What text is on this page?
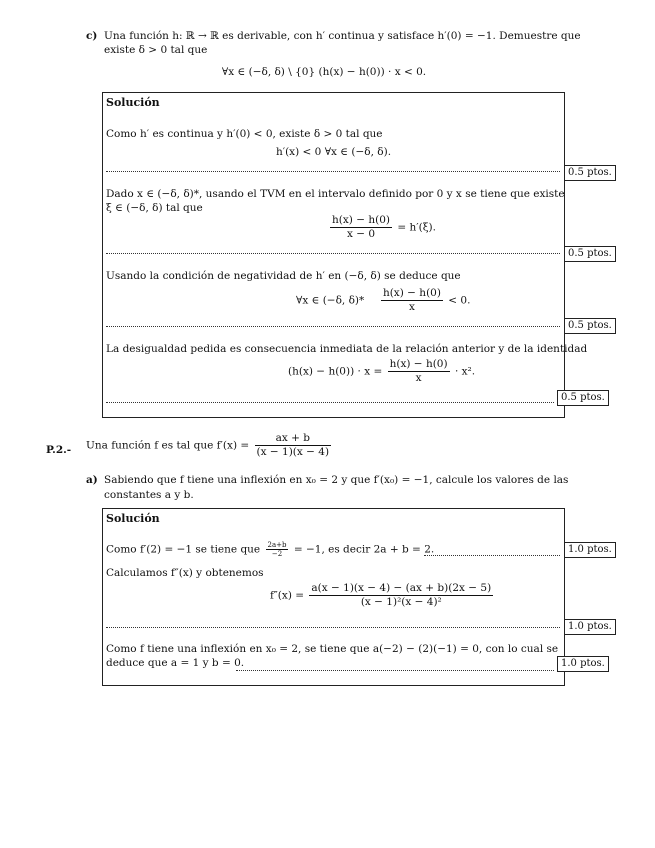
c) Una función h: ℝ → ℝ es derivable, con h′ continua y satisface h′(0) = −1. Demuestre que
existe δ > 0 tal que
∀x ∈ (−δ, δ) \ {0} (h(x) − h(0)) · x < 0.
Solución
Como h′ es continua y h′(0) < 0, existe δ > 0 tal que
h′(x) < 0 ∀x ∈ (−δ, δ).
0.5 ptos.
Dado x ∈ (−δ, δ)*, usando el TVM en el intervalo definido por 0 y x se tiene que existe
ξ ∈ (−δ, δ) tal que
$\frac{h(x) - h(0)}{x - 0} = h'(\xi)$.
0.5 ptos.
Usando la condición de negatividad de h′ en (−δ, δ) se deduce que
∀x ∈ (−δ, $\delta)* \frac{h(x) - h(0)}{x} < 0$.
0.5 ptos.
La desigualdad pedida es consecuencia inmediata de la relación anterior y de la identidad
$(h(x) - h(0)) \cdot x = \frac{h(x) - h(0)}{x} \cdot x^2$.
0.5 ptos.
P.2.- Una función f es tal que $f'(x) = \frac{ax + b}{(x - 1)(x - 4)}$
a) Sabiendo que f tiene una inflexión en x₀ = 2 y que f′(x₀) = −1, calcule los valores de las
constantes a y b.
Solución
Como f′(2) = −1 se tiene que $\frac{2a+b}{-2} = -1$, es decir 2a + b = 2.	1.0 ptos.
Calculamos f″(x) y obtenemos
$f''(x) = \frac{a(x - 1)(x - 4) - (ax + b)(2x - 5)}{\text{(x − 1)²(x − 4)²}}$
1.0 ptos.
Como f tiene una inflexión en x₀ = 2, se tiene que a(−2) − (2)(−1) = 0, con lo cual se
deduce que a = 1 y b = 0.	1.0 ptos.
